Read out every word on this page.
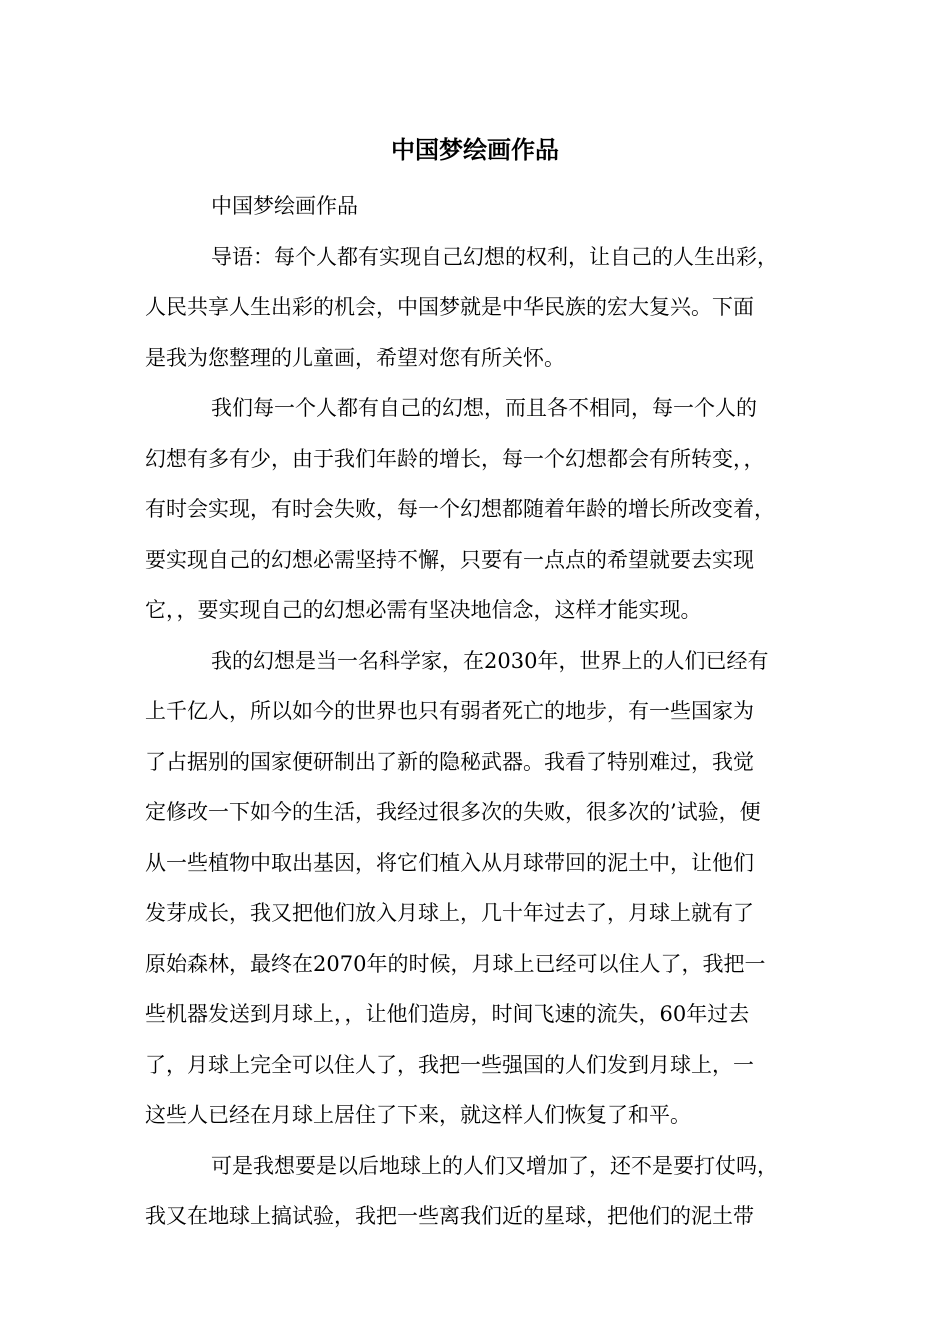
中国梦绘画作品
中国梦绘画作品
导语：每个人都有实现自己幻想的权利，让自己的人生出彩，
人民共享人生出彩的机会，中国梦就是中华民族的宏大复兴。下面
是我为您整理的儿童画，希望对您有所关怀。
我们每一个人都有自己的幻想，而且各不相同，每一个人的
幻想有多有少，由于我们年龄的增长，每一个幻想都会有所转变，，
有时会实现，有时会失败，每一个幻想都随着年龄的增长所改变着，
要实现自己的幻想必需坚持不懈，只要有一点点的希望就要去实现
它，，要实现自己的幻想必需有坚决地信念，这样才能实现。
我的幻想是当一名科学家，在2030年，世界上的人们已经有
上千亿人，所以如今的世界也只有弱者死亡的地步，有一些国家为
了占据别的国家便研制出了新的隐秘武器。我看了特别难过，我觉
定修改一下如今的生活，我经过很多次的失败，很多次的’试验，便
从一些植物中取出基因，将它们植入从月球带回的泥土中，让他们
发芽成长，我又把他们放入月球上，几十年过去了，月球上就有了
原始森林，最终在2070年的时候，月球上已经可以住人了，我把一
些机器发送到月球上，，让他们造房，时间飞速的流失，60年过去
了，月球上完全可以住人了，我把一些强国的人们发到月球上，一
这些人已经在月球上居住了下来，就这样人们恢复了和平。
可是我想要是以后地球上的人们又增加了，还不是要打仗吗，
我又在地球上搞试验，我把一些离我们近的星球，把他们的泥土带
